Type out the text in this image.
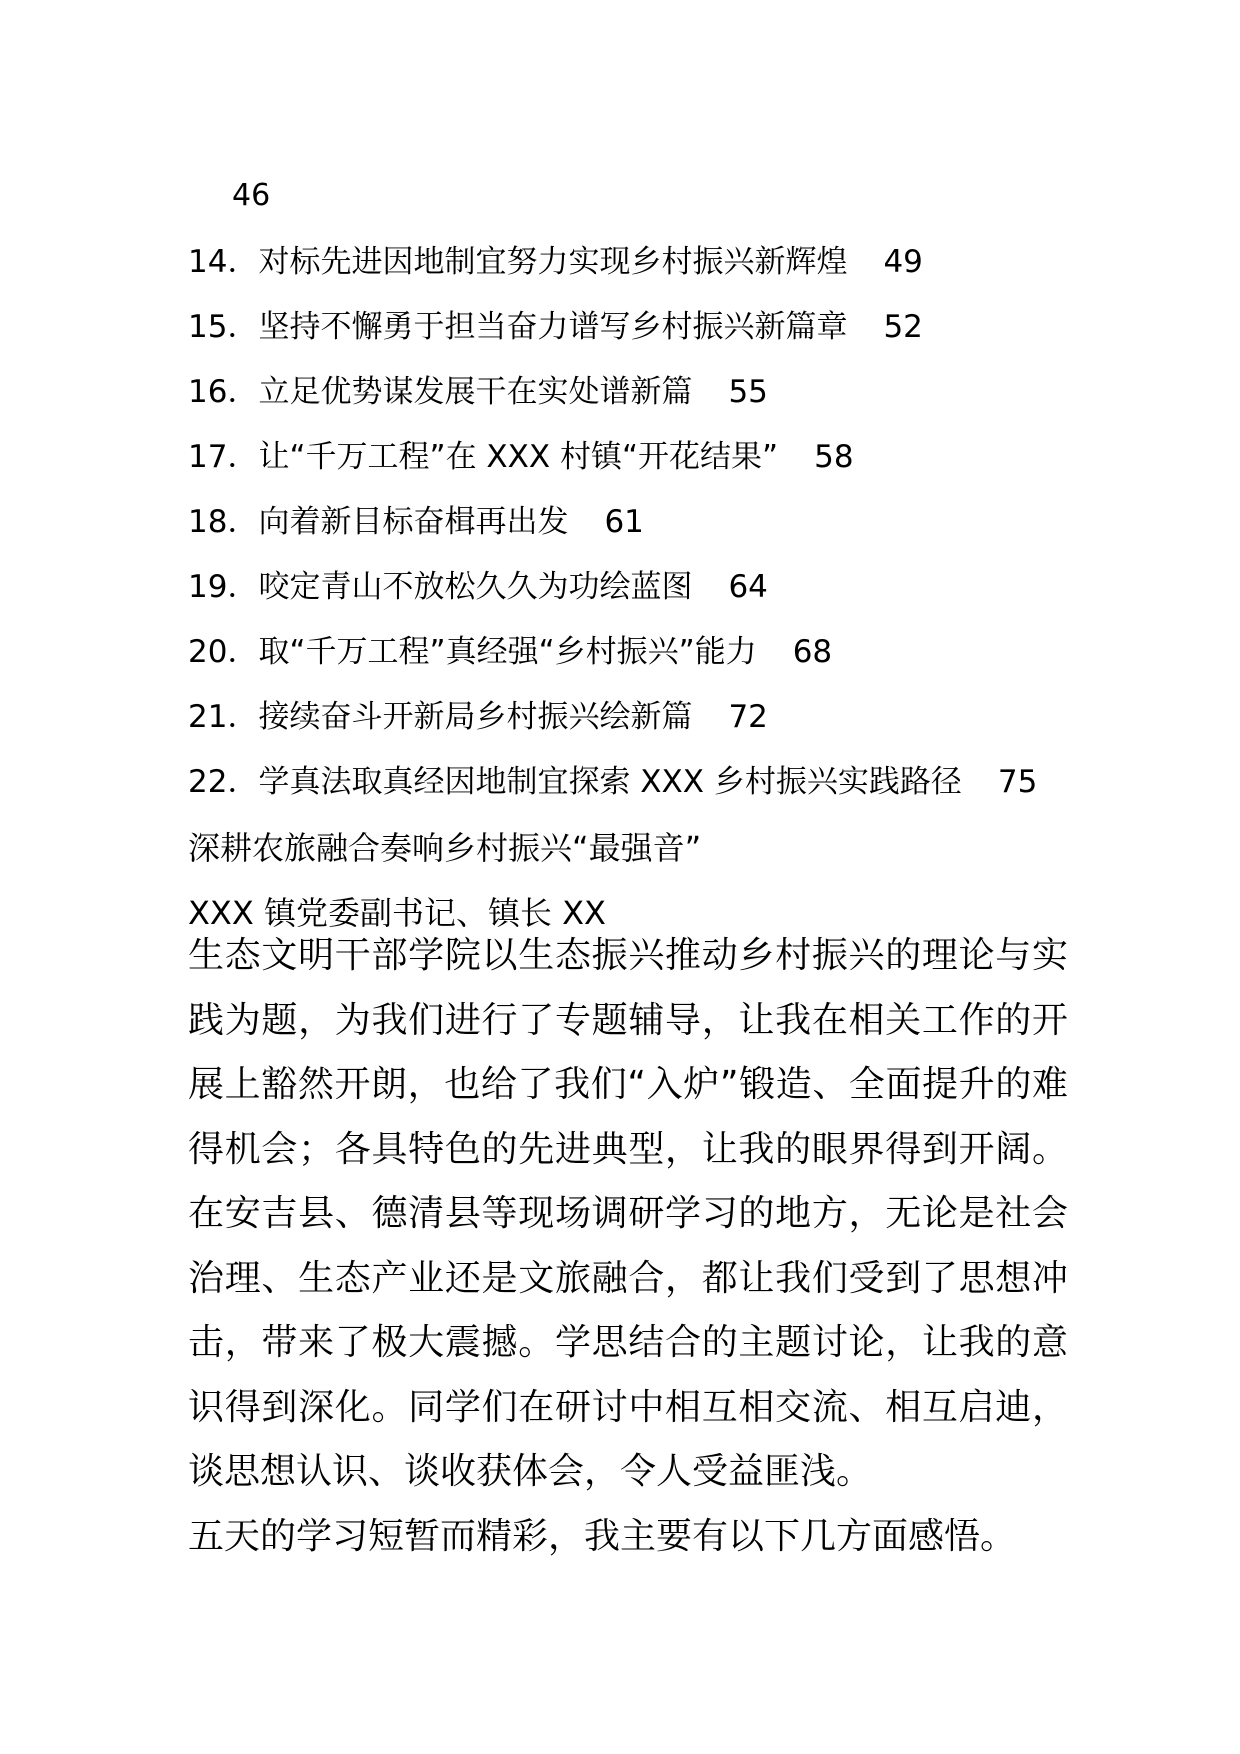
46
14．对标先进因地制宜努力实现乡村振兴新辉煌 49
15．坚持不懈勇于担当奋力谱写乡村振兴新篇章 52
16．立足优势谋发展干在实处谱新篇 55
17．让“千万工程”在 XXX 村镇“开花结果” 58
18．向着新目标奋楫再出发 61
19．咬定青山不放松久久为功绘蓝图 64
20．取“千万工程”真经强“乡村振兴”能力 68
21．接续奋斗开新局乡村振兴绘新篇 72
22．学真法取真经因地制宜探索 XXX 乡村振兴实践路径 75
深耕农旅融合奏响乡村振兴“最强音”
XXX 镇党委副书记、镇长 XX

生态文明干部学院以生态振兴推动乡村振兴的理论与实践为题，为我们进行了专题辅导，让我在相关工作的开展上豁然开朗，也给了我们“入炉”锻造、全面提升的难得机会；各具特色的先进典型，让我的眼界得到开阔。在安吉县、德清县等现场调研学习的地方，无论是社会治理、生态产业还是文旅融合，都让我们受到了思想冲击，带来了极大震撼。学思结合的主题讨论，让我的意识得到深化。同学们在研讨中相互相交流、相互启迪，谈思想认识、谈收获体会，令人受益匪浅。

五天的学习短暂而精彩，我主要有以下几方面感悟。
